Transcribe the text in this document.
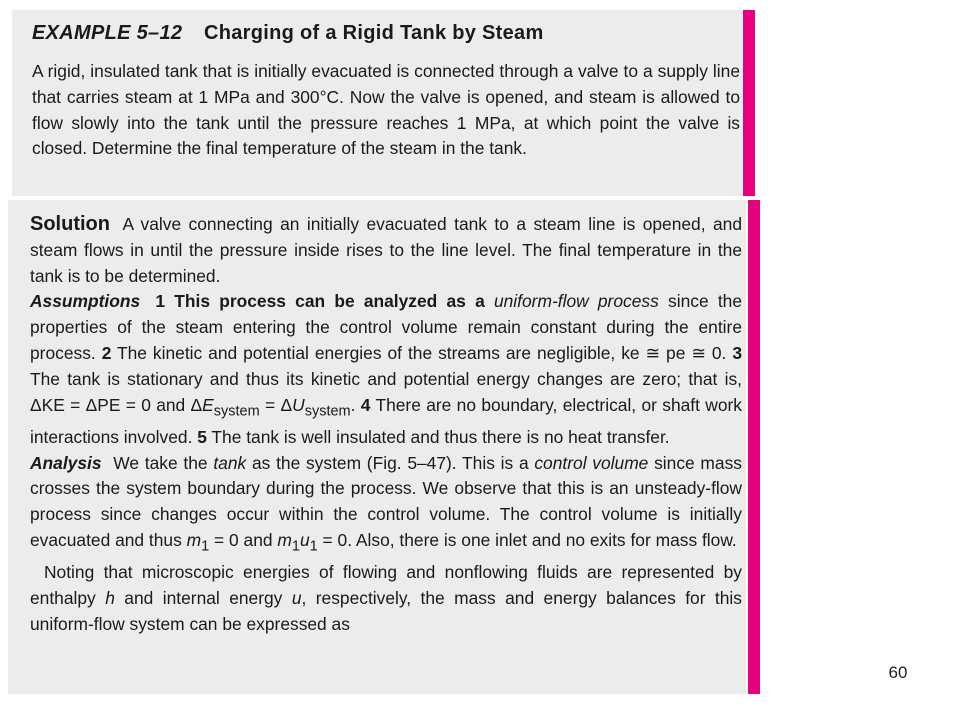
EXAMPLE 5–12	Charging of a Rigid Tank by Steam

A rigid, insulated tank that is initially evacuated is connected through a valve to a supply line that carries steam at 1 MPa and 300°C. Now the valve is opened, and steam is allowed to flow slowly into the tank until the pressure reaches 1 MPa, at which point the valve is closed. Determine the final temperature of the steam in the tank.

Solution A valve connecting an initially evacuated tank to a steam line is opened, and steam flows in until the pressure inside rises to the line level. The final temperature in the tank is to be determined.

Assumptions 1 This process can be analyzed as a uniform-flow process since the properties of the steam entering the control volume remain constant during the entire process. 2 The kinetic and potential energies of the streams are negligible, ke ≅ pe ≅ 0. 3 The tank is stationary and thus its kinetic and potential energy changes are zero; that is, ΔKE = ΔPE = 0 and $\Delta E_{system} = \Delta U_{system}$. 4 There are no boundary, electrical, or shaft work interactions involved. 5 The tank is well insulated and thus there is no heat transfer.

Analysis We take the tank as the system (Fig. 5–47). This is a control volume since mass crosses the system boundary during the process. We observe that this is an unsteady-flow process since changes occur within the control volume. The control volume is initially evacuated and thus $m_1 = 0$ and $m_1u_1 = 0$. Also, there is one inlet and no exits for mass flow.

Noting that microscopic energies of flowing and nonflowing fluids are represented by enthalpy h and internal energy u, respectively, the mass and energy balances for this uniform-flow system can be expressed as

60
